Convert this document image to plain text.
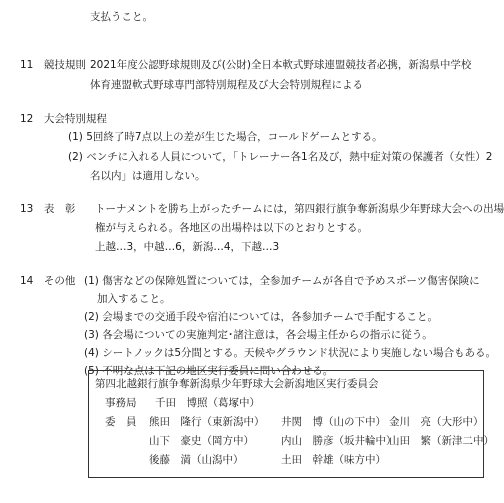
支払うこと。
11　競技規則 2021年度公認野球規則及び(公財)全日本軟式野球連盟競技者必携，新潟県中学校
体育連盟軟式野球専門部特別規程及び大会特別規程による
12　大会特別規程
(1) 5回終了時7点以上の差が生じた場合，コールドゲームとする。
(2) ベンチに入れる人員について，「トレーナー各1名及び，熱中症対策の保護者（女性）2
名以内」は適用しない。
13　表　彰 トーナメントを勝ち上がったチームには，第四銀行旗争奪新潟県少年野球大会への出場
権が与えられる。各地区の出場枠は以下のとおりとする。
上越…3，中越…6，新潟…4，下越…3
14　その他 (1) 傷害などの保障処置については，全参加チームが各自で予めスポーツ傷害保険に
加入すること。
(2) 会場までの交通手段や宿泊については，各参加チームで手配すること。
(3) 各会場についての実施判定･諸注意は，各会場主任からの指示に従う。
(4) シートノックは5分間とする。天候やグラウンド状況により実施しない場合もある。
(5) 不明な点は下記の地区実行委員に問い合わせる。
第四北越銀行旗争奪新潟県少年野球大会新潟地区実行委員会
事務局 千田　博照（葛塚中）
委　員 熊田　隆行（東新潟中） 井関　博（山の下中） 金川　亮（大形中）
山下　豪史（岡方中）	内山　勝彦（坂井輪中）
山田　繁（新津二中）
後藤　満（山潟中）	土田　幹雄（味方中）
